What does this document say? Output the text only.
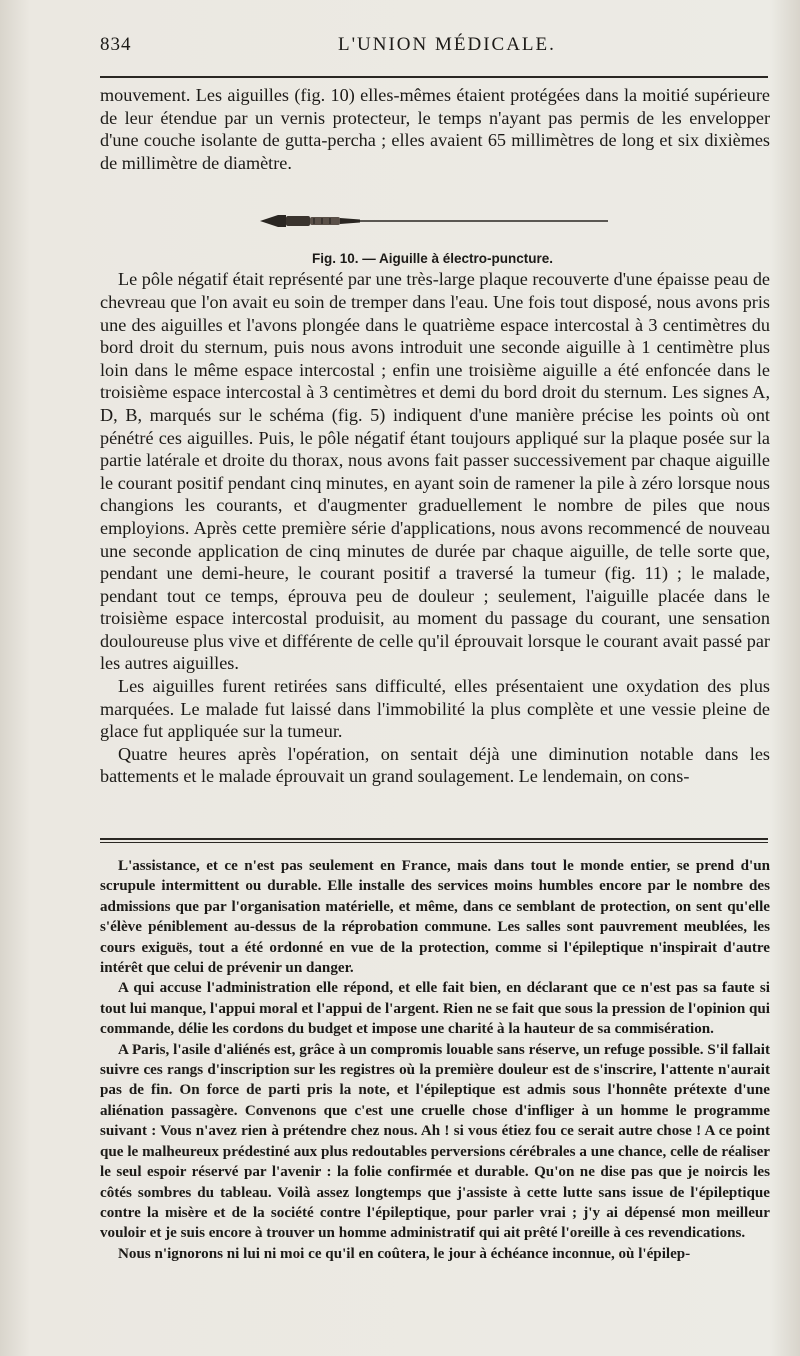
834	L'UNION MÉDICALE.

mouvement. Les aiguilles (fig. 10) elles-mêmes étaient protégées dans la moitié supérieure de leur étendue par un vernis protecteur, le temps n'ayant pas permis de les envelopper d'une couche isolante de gutta-percha ; elles avaient 65 millimètres de long et six dixièmes de millimètre de diamètre.

Fig. 10. — Aiguille à électro-puncture.

Le pôle négatif était représenté par une très-large plaque recouverte d'une épaisse peau de chevreau que l'on avait eu soin de tremper dans l'eau. Une fois tout disposé, nous avons pris une des aiguilles et l'avons plongée dans le quatrième espace intercostal à 3 centimètres du bord droit du sternum, puis nous avons introduit une seconde aiguille à 1 centimètre plus loin dans le même espace intercostal ; enfin une troisième aiguille a été enfoncée dans le troisième espace intercostal à 3 centimètres et demi du bord droit du sternum. Les signes A, D, B, marqués sur le schéma (fig. 5) indiquent d'une manière précise les points où ont pénétré ces aiguilles. Puis, le pôle négatif étant toujours appliqué sur la plaque posée sur la partie latérale et droite du thorax, nous avons fait passer successivement par chaque aiguille le courant positif pendant cinq minutes, en ayant soin de ramener la pile à zéro lorsque nous changions les courants, et d'augmenter graduellement le nombre de piles que nous employions. Après cette première série d'applications, nous avons recommencé de nouveau une seconde application de cinq minutes de durée par chaque aiguille, de telle sorte que, pendant une demi-heure, le courant positif a traversé la tumeur (fig. 11) ; le malade, pendant tout ce temps, éprouva peu de douleur ; seulement, l'aiguille placée dans le troisième espace intercostal produisit, au moment du passage du courant, une sensation douloureuse plus vive et différente de celle qu'il éprouvait lorsque le courant avait passé par les autres aiguilles.

Les aiguilles furent retirées sans difficulté, elles présentaient une oxydation des plus marquées. Le malade fut laissé dans l'immobilité la plus complète et une vessie pleine de glace fut appliquée sur la tumeur.

Quatre heures après l'opération, on sentait déjà une diminution notable dans les battements et le malade éprouvait un grand soulagement. Le lendemain, on cons-

L'assistance, et ce n'est pas seulement en France, mais dans tout le monde entier, se prend d'un scrupule intermittent ou durable. Elle installe des services moins humbles encore par le nombre des admissions que par l'organisation matérielle, et même, dans ce semblant de protection, on sent qu'elle s'élève péniblement au-dessus de la réprobation commune. Les salles sont pauvrement meublées, les cours exiguës, tout a été ordonné en vue de la protection, comme si l'épileptique n'inspirait d'autre intérêt que celui de prévenir un danger.

A qui accuse l'administration elle répond, et elle fait bien, en déclarant que ce n'est pas sa faute si tout lui manque, l'appui moral et l'appui de l'argent. Rien ne se fait que sous la pression de l'opinion qui commande, délie les cordons du budget et impose une charité à la hauteur de sa commisération.

A Paris, l'asile d'aliénés est, grâce à un compromis louable sans réserve, un refuge possible. S'il fallait suivre ces rangs d'inscription sur les registres où la première douleur est de s'inscrire, l'attente n'aurait pas de fin. On force de parti pris la note, et l'épileptique est admis sous l'honnête prétexte d'une aliénation passagère. Convenons que c'est une cruelle chose d'infliger à un homme le programme suivant : Vous n'avez rien à prétendre chez nous. Ah ! si vous étiez fou ce serait autre chose ! A ce point que le malheureux prédestiné aux plus redoutables perversions cérébrales a une chance, celle de réaliser le seul espoir réservé par l'avenir : la folie confirmée et durable. Qu'on ne dise pas que je noircis les côtés sombres du tableau. Voilà assez longtemps que j'assiste à cette lutte sans issue de l'épileptique contre la misère et de la société contre l'épileptique, pour parler vrai ; j'y ai dépensé mon meilleur vouloir et je suis encore à trouver un homme administratif qui ait prêté l'oreille à ces revendications.

Nous n'ignorons ni lui ni moi ce qu'il en coûtera, le jour à échéance inconnue, où l'épilep-
